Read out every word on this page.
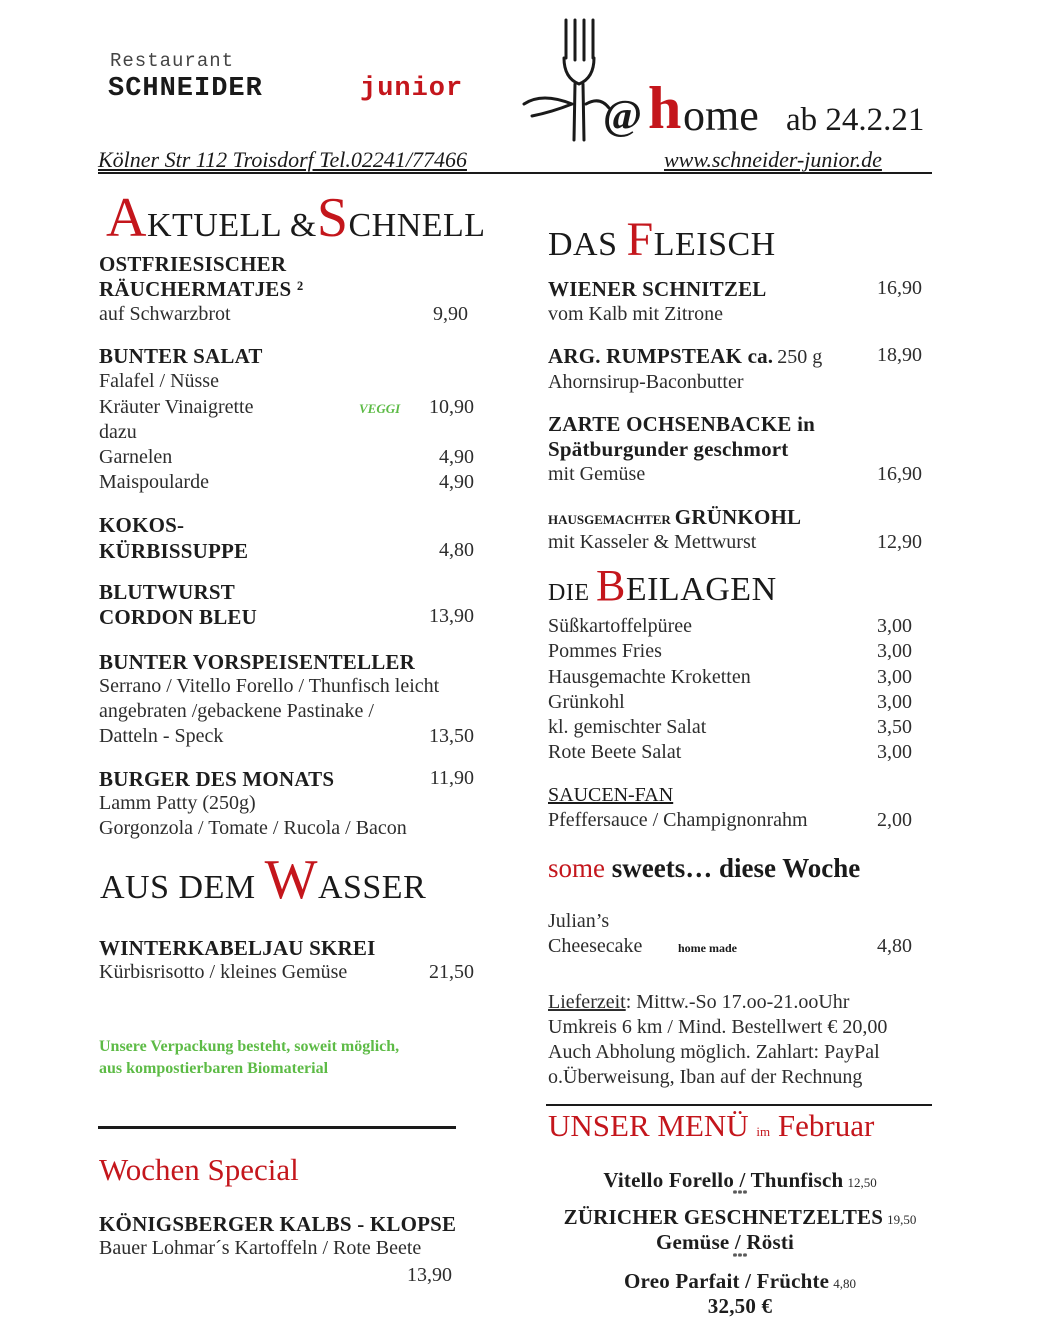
Restaurant
SCHNEIDER	junior
@ h ome ab 24.2.21
Kölner Str 112 Troisdorf Tel.02241/77466	www.schneider-junior.de
AKTUELL &SCHNELL
OSTFRIESISCHER
RÄUCHERMATJES ²
auf Schwarzbrot	9,90
BUNTER SALAT
Falafel / Nüsse
Kräuter Vinaigrette	VEGGI	10,90
dazu
Garnelen	4,90
Maispoularde	4,90
KOKOS-
KÜRBISSUPPE	4,80
BLUTWURST
CORDON BLEU	13,90
BUNTER VORSPEISENTELLER
Serrano / Vitello Forello / Thunfisch leicht
angebraten /gebackene Pastinake /
Datteln - Speck	13,50
BURGER DES MONATS	11,90
Lamm Patty (250g)
Gorgonzola / Tomate / Rucola / Bacon
AUS DEM WASSER
WINTERKABELJAU SKREI
Kürbisrisotto / kleines Gemüse	21,50
Unsere Verpackung besteht, soweit möglich,
aus kompostierbaren Biomaterial
Wochen Special
KÖNIGSBERGER KALBS - KLOPSE
Bauer Lohmar´s Kartoffeln / Rote Beete
13,90
DAS FLEISCH
WIENER SCHNITZEL	16,90
vom Kalb mit Zitrone
ARG. RUMPSTEAK ca. 250 g	18,90
Ahornsirup-Baconbutter
ZARTE OCHSENBACKE in
Spätburgunder geschmort
mit Gemüse	16,90
HAUSGEMACHTER GRÜNKOHL
mit Kasseler & Mettwurst	12,90
DIE BEILAGEN
Süßkartoffelpüree	3,00
Pommes Fries	3,00
Hausgemachte Kroketten	3,00
Grünkohl	3,00
kl. gemischter Salat	3,50
Rote Beete Salat	3,00
SAUCEN-FAN
Pfeffersauce / Champignonrahm	2,00
some sweets… diese Woche
Julian’s
Cheesecake	home made	4,80
Lieferzeit: Mittw.-So 17.oo-21.ooUhr
Umkreis 6 km / Mind. Bestellwert € 20,00
Auch Abholung möglich. Zahlart: PayPal
o.Überweisung, Iban auf der Rechnung
UNSER MENÜ im Februar
Vitello Forello / Thunfisch 12,50
***
ZÜRICHER GESCHNETZELTES 19,50
Gemüse / Rösti
***
Oreo Parfait / Früchte 4,80
32,50 €
